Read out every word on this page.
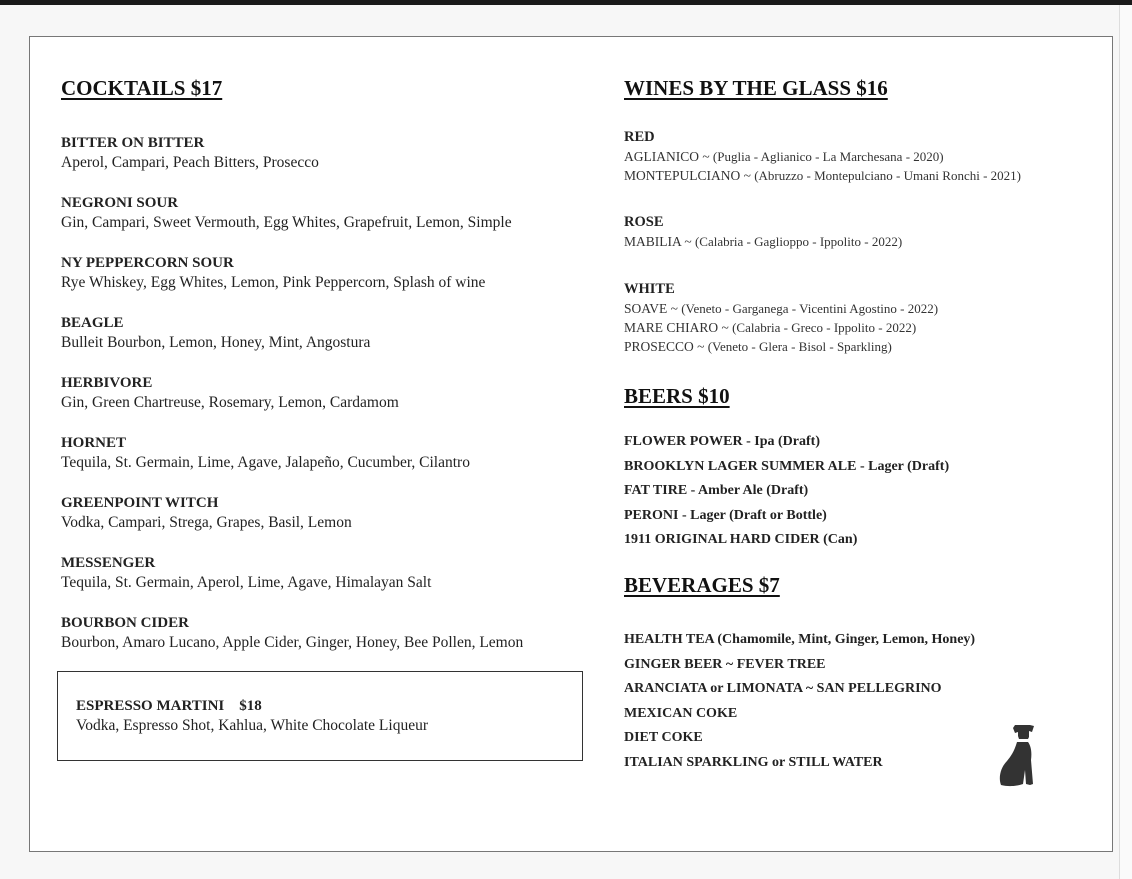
COCKTAILS $17
BITTER ON BITTER
Aperol, Campari, Peach Bitters, Prosecco
NEGRONI SOUR
Gin, Campari, Sweet Vermouth, Egg Whites, Grapefruit, Lemon, Simple
NY PEPPERCORN SOUR
Rye Whiskey, Egg Whites, Lemon, Pink Peppercorn, Splash of wine
BEAGLE
Bulleit Bourbon, Lemon, Honey, Mint, Angostura
HERBIVORE
Gin, Green Chartreuse, Rosemary, Lemon, Cardamom
HORNET
Tequila, St. Germain, Lime, Agave, Jalapeño, Cucumber, Cilantro
GREENPOINT WITCH
Vodka, Campari, Strega, Grapes, Basil, Lemon
MESSENGER
Tequila, St. Germain, Aperol, Lime, Agave, Himalayan Salt
BOURBON CIDER
Bourbon, Amaro Lucano, Apple Cider, Ginger, Honey, Bee Pollen, Lemon
ESPRESSO MARTINI    $18
Vodka, Espresso Shot, Kahlua, White Chocolate Liqueur
WINES BY THE GLASS $16
RED
AGLIANICO ~ (Puglia - Aglianico - La Marchesana - 2020)
MONTEPULCIANO ~ (Abruzzo - Montepulciano - Umani Ronchi - 2021)
ROSE
MABILIA ~ (Calabria - Gaglioppo - Ippolito - 2022)
WHITE
SOAVE ~ (Veneto - Garganega - Vicentini Agostino - 2022)
MARE CHIARO ~ (Calabria - Greco - Ippolito - 2022)
PROSECCO ~ (Veneto - Glera - Bisol - Sparkling)
BEERS $10
FLOWER POWER - Ipa (Draft)
BROOKLYN LAGER SUMMER ALE - Lager (Draft)
FAT TIRE - Amber Ale (Draft)
PERONI - Lager (Draft or Bottle)
1911 ORIGINAL HARD CIDER (Can)
BEVERAGES $7
HEALTH TEA (Chamomile, Mint, Ginger, Lemon, Honey)
GINGER BEER ~ FEVER TREE
ARANCIATA or LIMONATA ~ SAN PELLEGRINO
MEXICAN COKE
DIET COKE
ITALIAN SPARKLING or STILL WATER
